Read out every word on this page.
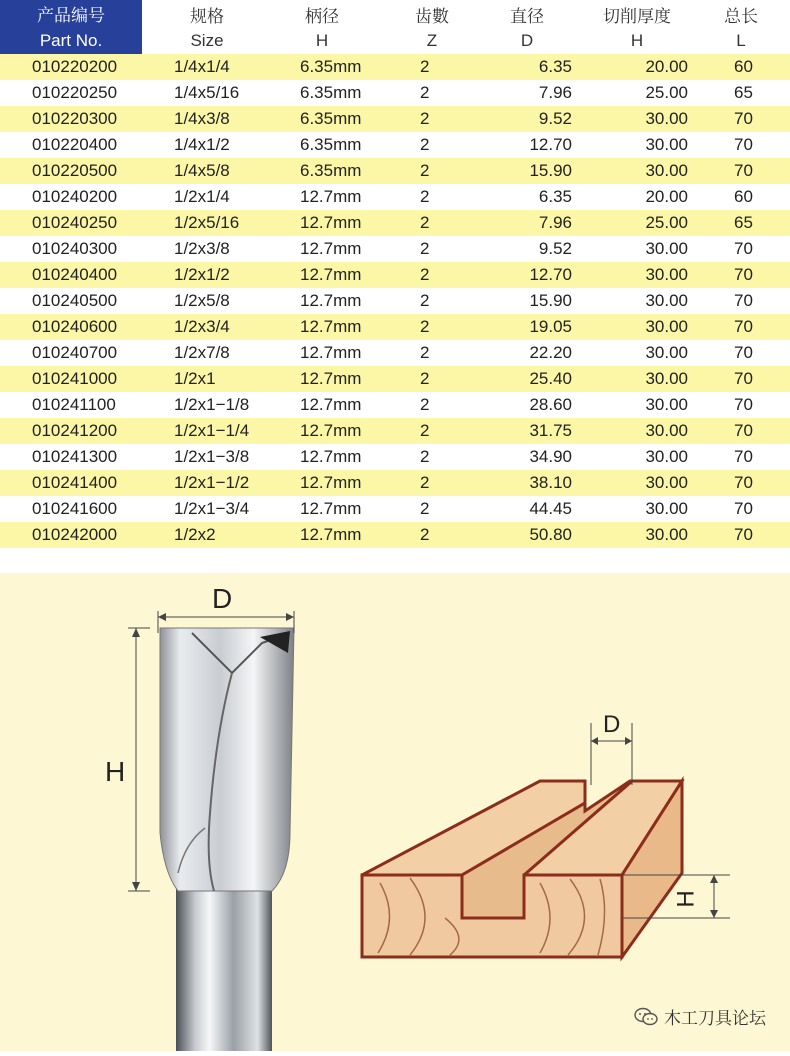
产品编号	规格	柄径	齿數	直径	切削厚度	总长
Part No.	Size	H	Z	D	H	L
010220200	1/4x1/4	6.35mm	2	6.35	20.00	60
010220250	1/4x5/16	6.35mm	2	7.96	25.00	65
010220300	1/4x3/8	6.35mm	2	9.52	30.00	70
010220400	1/4x1/2	6.35mm	2	12.70	30.00	70
010220500	1/4x5/8	6.35mm	2	15.90	30.00	70
010240200	1/2x1/4	12.7mm	2	6.35	20.00	60
010240250	1/2x5/16	12.7mm	2	7.96	25.00	65
010240300	1/2x3/8	12.7mm	2	9.52	30.00	70
010240400	1/2x1/2	12.7mm	2	12.70	30.00	70
010240500	1/2x5/8	12.7mm	2	15.90	30.00	70
010240600	1/2x3/4	12.7mm	2	19.05	30.00	70
010240700	1/2x7/8	12.7mm	2	22.20	30.00	70
010241000	1/2x1	12.7mm	2	25.40	30.00	70
010241100	1/2x1−1/8	12.7mm	2	28.60	30.00	70
010241200	1/2x1−1/4	12.7mm	2	31.75	30.00	70
010241300	1/2x1−3/8	12.7mm	2	34.90	30.00	70
010241400	1/2x1−1/2	12.7mm	2	38.10	30.00	70
010241600	1/2x1−3/4	12.7mm	2	44.45	30.00	70
010242000	1/2x2	12.7mm	2	50.80	30.00	70
D
H
D
H
木工刀具论坛
